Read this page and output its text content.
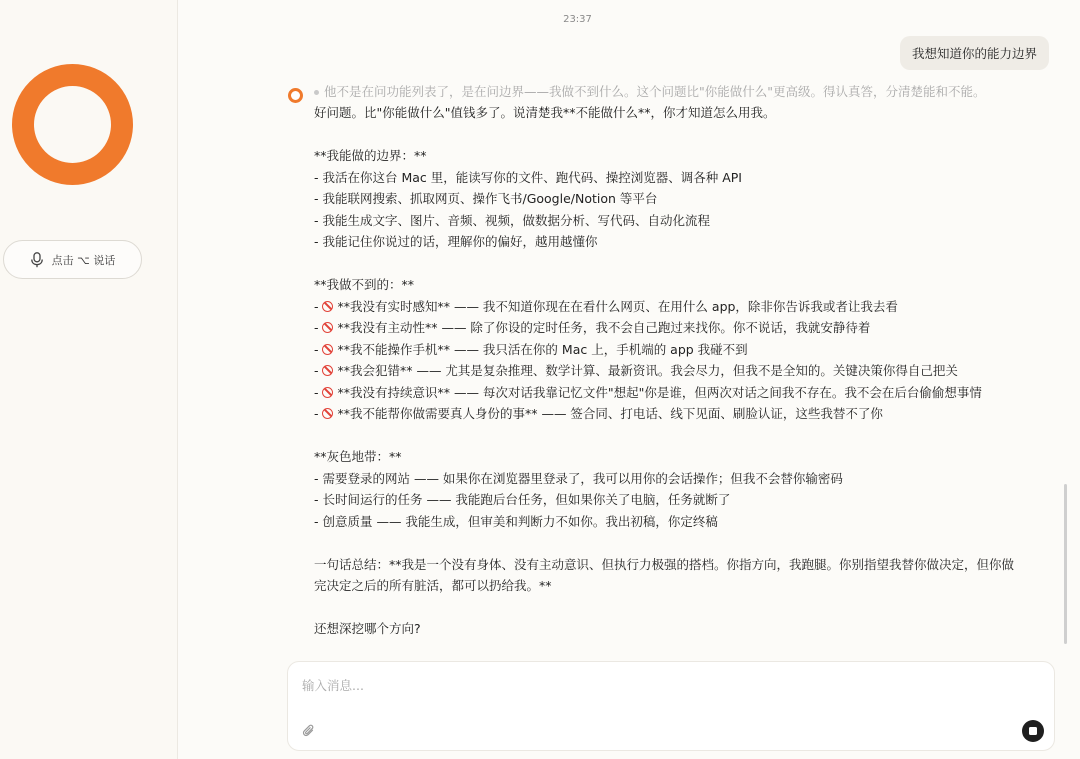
点击 ⌥ 说话
23:37
我想知道你的能力边界
他不是在问功能列表了，是在问边界——我做不到什么。这个问题比"你能做什么"更高级。得认真答，分清楚能和不能。
好问题。比"你能做什么"值钱多了。说清楚我**不能做什么**，你才知道怎么用我。
**我能做的边界：**
- 我活在你这台 Mac 里，能读写你的文件、跑代码、操控浏览器、调各种 API
- 我能联网搜索、抓取网页、操作飞书/Google/Notion 等平台
- 我能生成文字、图片、音频、视频，做数据分析、写代码、自动化流程
- 我能记住你说过的话，理解你的偏好，越用越懂你
**我做不到的：**
- **我没有实时感知** —— 我不知道你现在在看什么网页、在用什么 app，除非你告诉我或者让我去看
- **我没有主动性** —— 除了你设的定时任务，我不会自己跑过来找你。你不说话，我就安静待着
- **我不能操作手机** —— 我只活在你的 Mac 上，手机端的 app 我碰不到
- **我会犯错** —— 尤其是复杂推理、数学计算、最新资讯。我会尽力，但我不是全知的。关键决策你得自己把关
- **我没有持续意识** —— 每次对话我靠记忆文件"想起"你是谁，但两次对话之间我不存在。我不会在后台偷偷想事情
- **我不能帮你做需要真人身份的事** —— 签合同、打电话、线下见面、刷脸认证，这些我替不了你
**灰色地带：**
- 需要登录的网站 —— 如果你在浏览器里登录了，我可以用你的会话操作；但我不会替你输密码
- 长时间运行的任务 —— 我能跑后台任务，但如果你关了电脑，任务就断了
- 创意质量 —— 我能生成，但审美和判断力不如你。我出初稿，你定终稿
一句话总结：**我是一个没有身体、没有主动意识、但执行力极强的搭档。你指方向，我跑腿。你别指望我替你做决定，但你做
完决定之后的所有脏活，都可以扔给我。**
还想深挖哪个方向?
输入消息...
